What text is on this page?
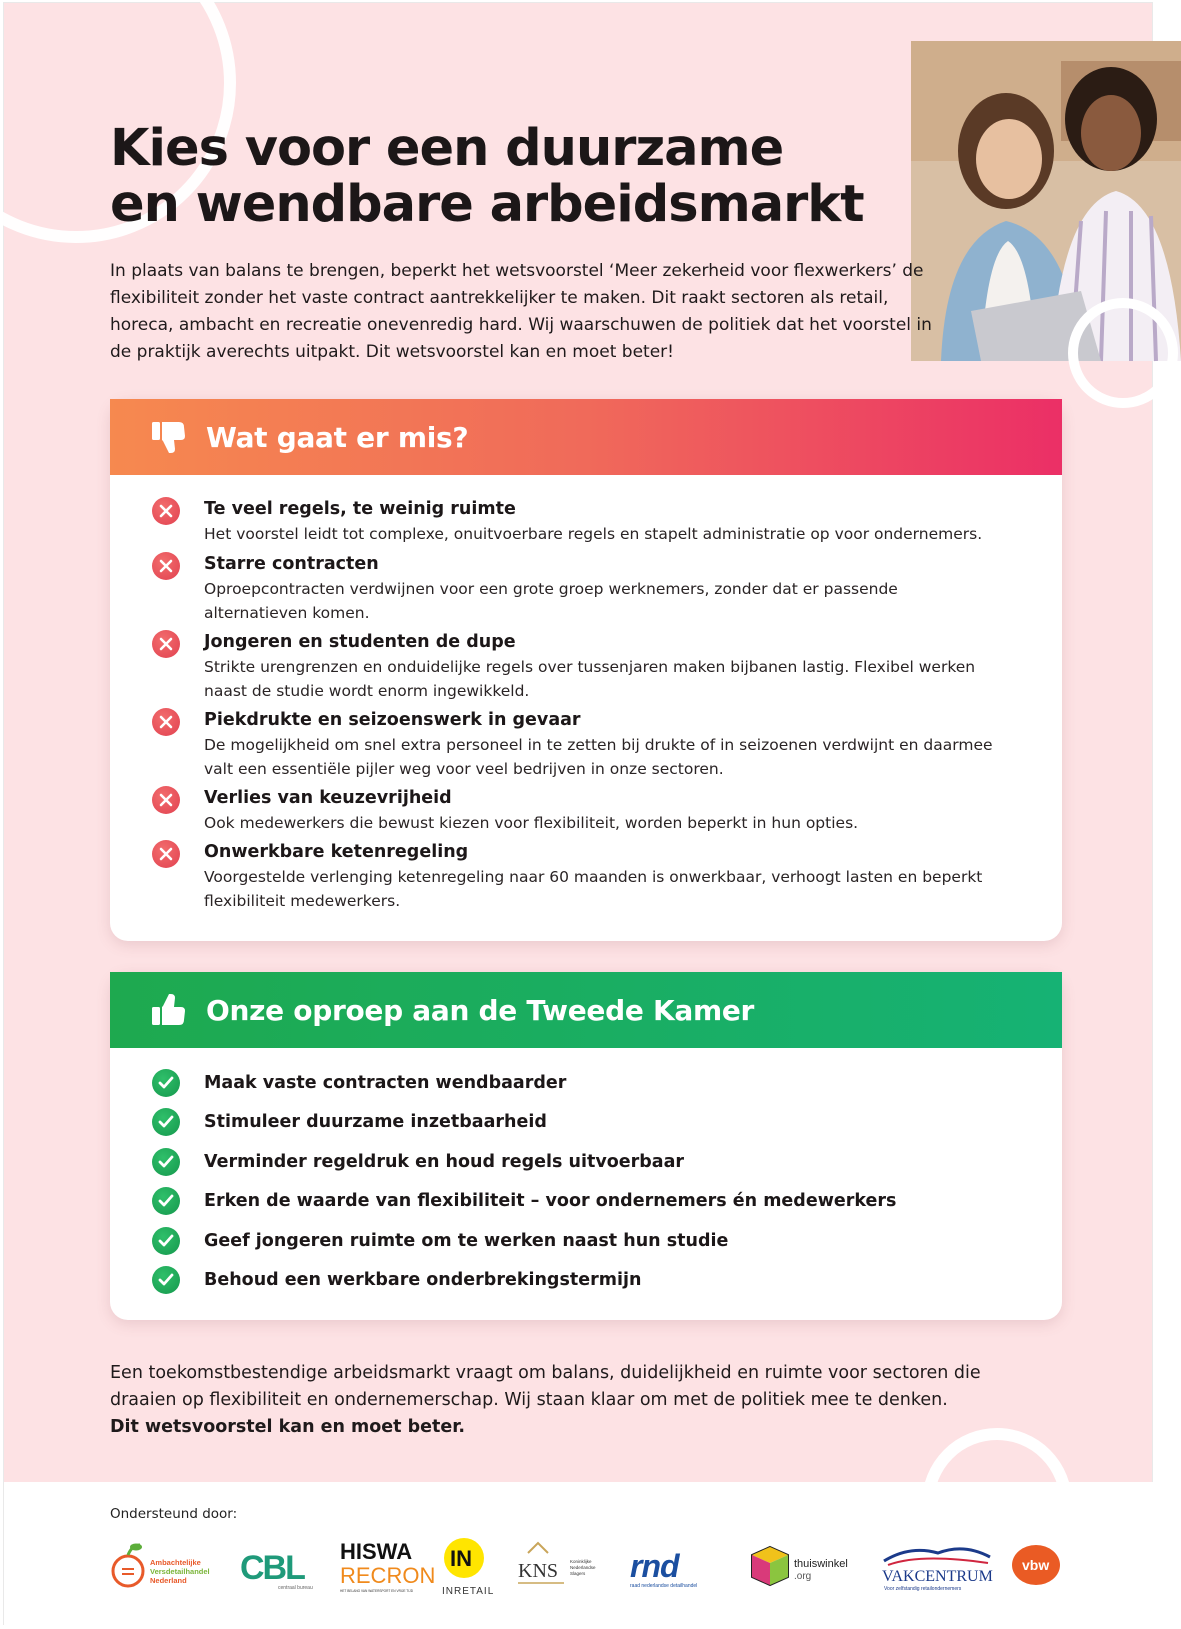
Kies voor een duurzame
en wendbare arbeidsmarkt

In plaats van balans te brengen, beperkt het wetsvoorstel ‘Meer zekerheid voor flexwerkers’ de flexibiliteit zonder het vaste contract aantrekkelijker te maken. Dit raakt sectoren als retail, horeca, ambacht en recreatie onevenredig hard. Wij waarschuwen de politiek dat het voorstel in de praktijk averechts uitpakt. Dit wetsvoorstel kan en moet beter!

Wat gaat er mis?
Te veel regels, te weinig ruimte
Het voorstel leidt tot complexe, onuitvoerbare regels en stapelt administratie op voor ondernemers.
Starre contracten
Oproepcontracten verdwijnen voor een grote groep werknemers, zonder dat er passende alternatieven komen.
Jongeren en studenten de dupe
Strikte urengrenzen en onduidelijke regels over tussenjaren maken bijbanen lastig. Flexibel werken naast de studie wordt enorm ingewikkeld.
Piekdrukte en seizoenswerk in gevaar
De mogelijkheid om snel extra personeel in te zetten bij drukte of in seizoenen verdwijnt en daarmee valt een essentiële pijler weg voor veel bedrijven in onze sectoren.
Verlies van keuzevrijheid
Ook medewerkers die bewust kiezen voor flexibiliteit, worden beperkt in hun opties.
Onwerkbare ketenregeling
Voorgestelde verlenging ketenregeling naar 60 maanden is onwerkbaar, verhoogt lasten en beperkt flexibiliteit medewerkers.
Onze oproep aan de Tweede Kamer
Maak vaste contracten wendbaarder
Stimuleer duurzame inzetbaarheid
Verminder regeldruk en houd regels uitvoerbaar
Erken de waarde van flexibiliteit – voor ondernemers én medewerkers
Geef jongeren ruimte om te werken naast hun studie
Behoud een werkbare onderbrekingstermijn

Een toekomstbestendige arbeidsmarkt vraagt om balans, duidelijkheid en ruimte voor sectoren die draaien op flexibiliteit en ondernemerschap. Wij staan klaar om met de politiek mee te denken.
Dit wetsvoorstel kan en moet beter.

Ondersteund door:
Ambachtelijke
Versdetailhandel
Nederland CBL
centraal bureau
HISWA
RECRON
HET BELANG VAN WATERSPORT EN VRIJE TIJD
IN
INRETAIL
KNS	Koninklijke
Nederlandse
Slagers rnd
raad nederlandse detailhandel
thuiswinkel
.org	VAKCENTRUM
Voor zelfstandig retailondernemers
vbw
